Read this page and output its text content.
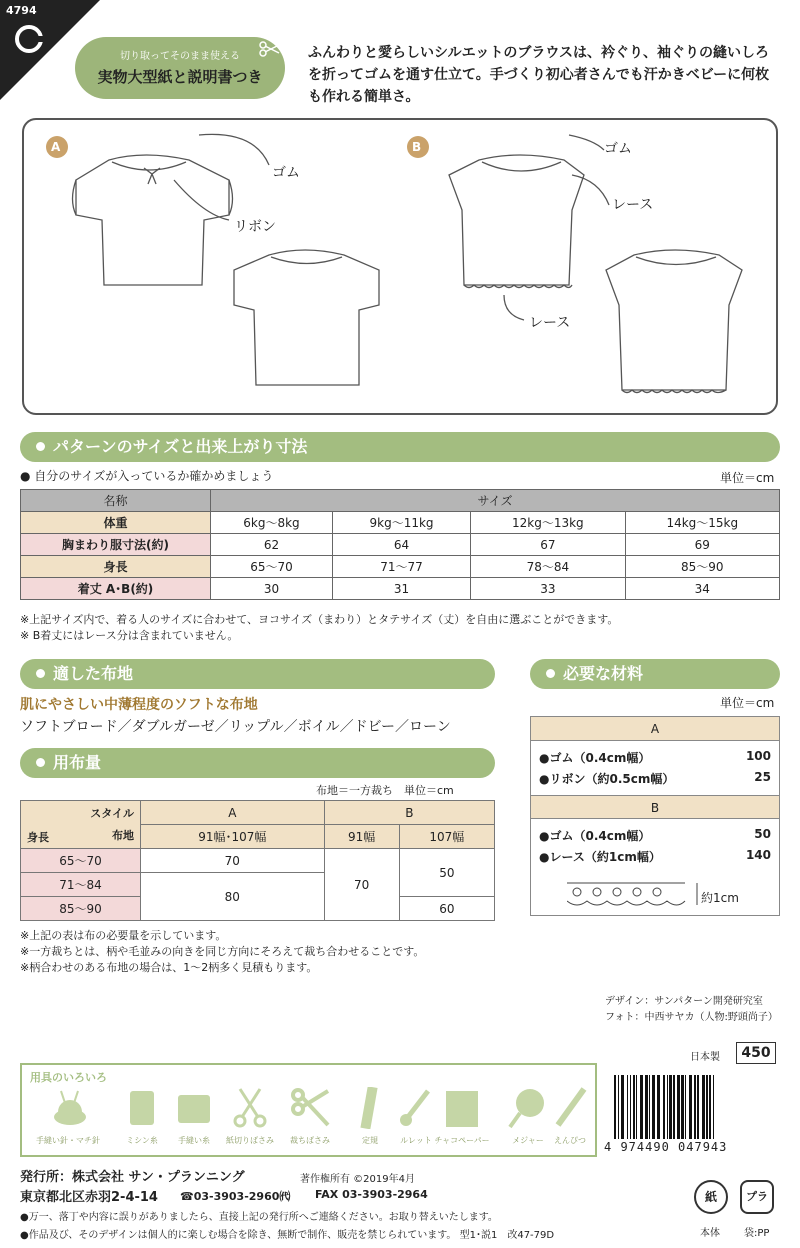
4794
切り取ってそのまま使える
実物大型紙と説明書つき
ふんわりと愛らしいシルエットのブラウスは、衿ぐり、袖ぐりの縫いしろを折ってゴムを通す仕立て。手づくり初心者さんでも汗かきベビーに何枚も作れる簡単さ。
A	B
ゴム
リボン
ゴム
レース
レース
パターンのサイズと出来上がり寸法
● 自分のサイズが入っているか確かめましょう	単位＝cm
名称	サイズ			
体重	6kg～8kg	9kg～11kg	12kg～13kg	14kg～15kg
胸まわり服寸法(約)	62	64	67	69
身長	65～70	71～77	78～84	85～90
着丈 A･B(約)	30	31	33	34
※上記サイズ内で、着る人のサイズに合わせて、ヨコサイズ（まわり）とタテサイズ（丈）を自由に選ぶことができます。
※ B着丈にはレース分は含まれていません。
適した布地
肌にやさしい中薄程度のソフトな布地
ソフトブロード／ダブルガーゼ／リップル／ボイル／ドビー／ローン
必要な材料
単位＝cm
A
●ゴム（0.4cm幅）	100
●リボン（約0.5cm幅）	25
B
●ゴム（0.4cm幅）	50
●レース（約1cm幅）	140
約1cm
用布量
布地＝一方裁ち　単位＝cm
スタイル
布地
身長	A	B	
	91幅･107幅	91幅	107幅
65～70	70	70	50
71～84	80		
85～90			60
※上記の表は布の必要量を示しています。
※一方裁ちとは、柄や毛並みの向きを同じ方向にそろえて裁ち合わせることです。
※柄合わせのある布地の場合は、1～2柄多く見積もります。
デザイン：サンパターン開発研究室
フォト：中西サヤカ（人物:野頭尚子）
日本製	450
用具のいろいろ
手縫い針・マチ針	ミシン糸	手縫い糸	紙切りばさみ	裁ちばさみ	定規	ルレット チャコペーパー	メジャー	えんぴつ	4 974490 047943
発行所：株式会社 サン・プランニング	著作権所有 ©2019年4月
東京都北区赤羽2-4-14 ☎03-3903-2960㈹ FAX 03-3903-2964
●万一、落丁や内容に誤りがありましたら、直接上記の発行所へご連絡ください。お取り替えいたします。
●作品及び、そのデザインは個人的に楽しむ場合を除き、無断で制作、販売を禁じられています。 型1･説1　改47-79D
紙
本体
プラ
袋:PP
